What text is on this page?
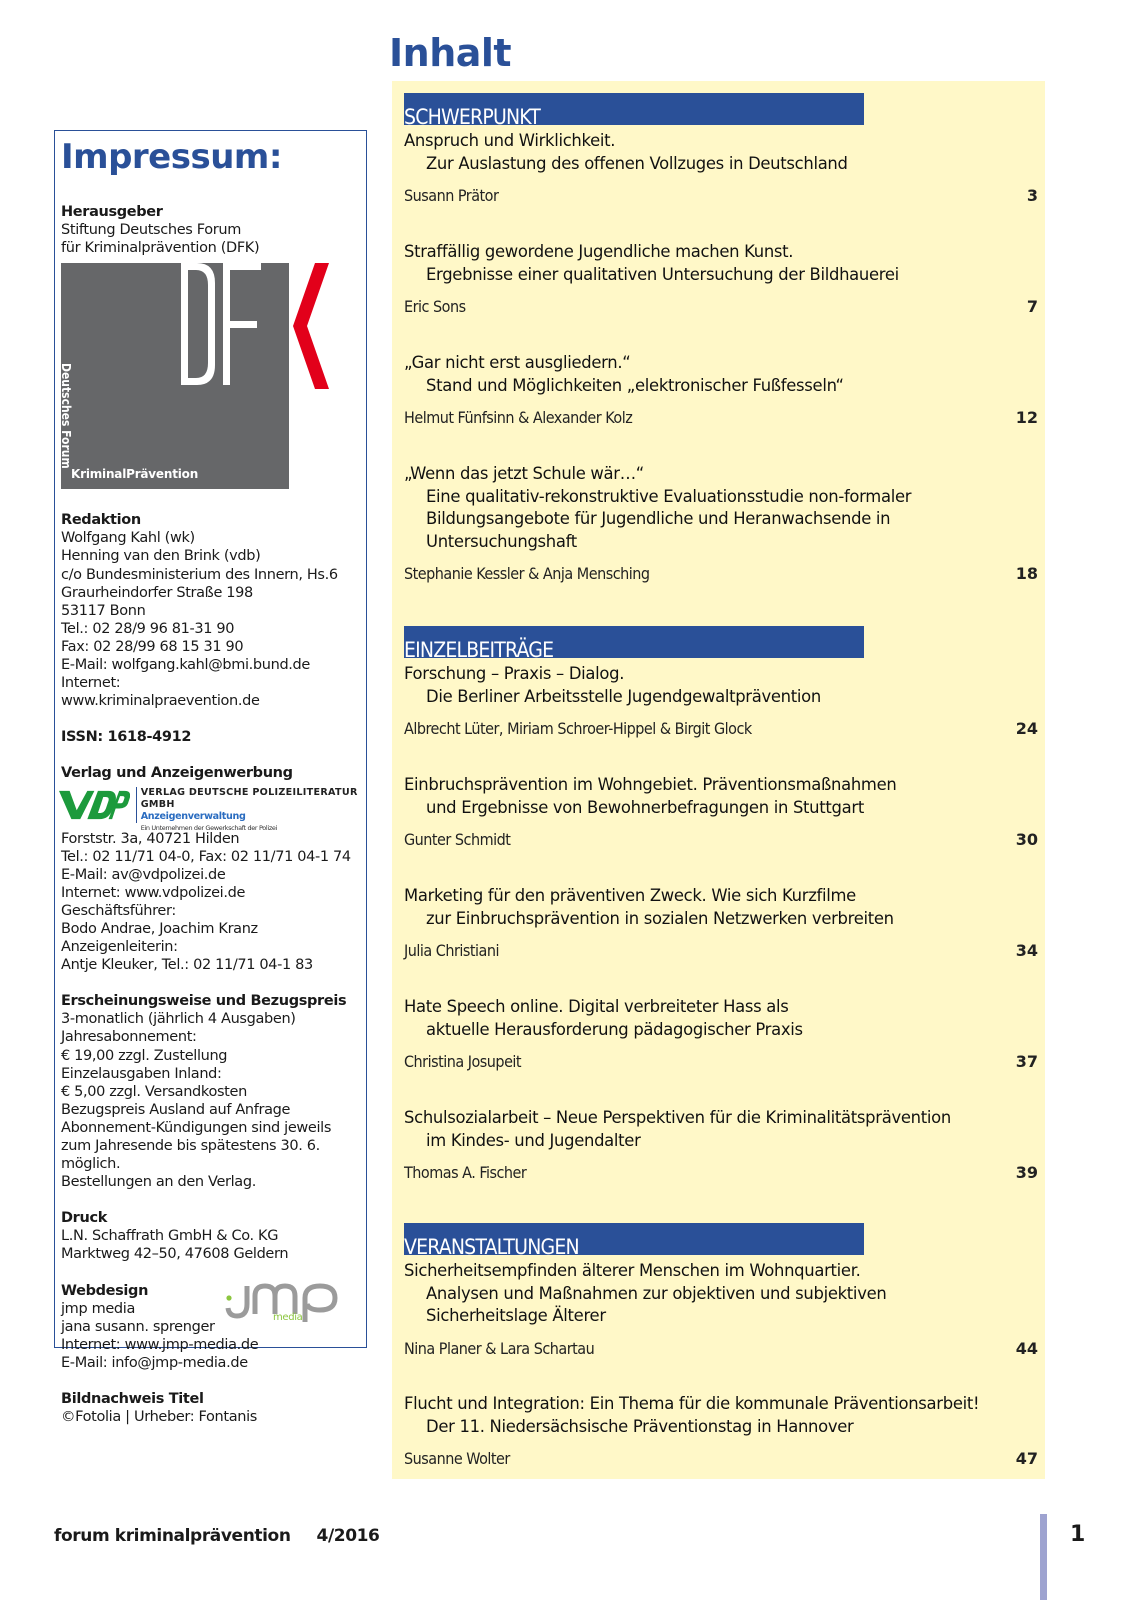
Impressum:
Herausgeber
Stiftung Deutsches Forum
für Kriminalprävention (DFK)
Deutsches Forum
KriminalPrävention
Redaktion
Wolfgang Kahl (wk)
Henning van den Brink (vdb)
c/o Bundesministerium des Innern, Hs.6
Graurheindorfer Straße 198
53117 Bonn
Tel.: 02 28/9 96 81-31 90
Fax: 02 28/99 68 15 31 90
E-Mail: wolfgang.kahl@bmi.bund.de
Internet:
www.kriminalpraevention.de
ISSN: 1618-4912
Verlag und Anzeigenwerbung
VERLAG DEUTSCHE POLIZEILITERATUR GMBH
Anzeigenverwaltung
Ein Unternehmen der Gewerkschaft der Polizei
Forststr. 3a, 40721 Hilden
Tel.: 02 11/71 04-0, Fax: 02 11/71 04-1 74
E-Mail: av@vdpolizei.de
Internet: www.vdpolizei.de
Geschäftsführer:
Bodo Andrae, Joachim Kranz
Anzeigenleiterin:
Antje Kleuker, Tel.: 02 11/71 04-1 83
Erscheinungsweise und Bezugspreis
3-monatlich (jährlich 4 Ausgaben)
Jahresabonnement:
€ 19,00 zzgl. Zustellung
Einzelausgaben Inland:
€ 5,00 zzgl. Versandkosten
Bezugspreis Ausland auf Anfrage
Abonnement-Kündigungen sind jeweils
zum Jahresende bis spätestens 30. 6.
möglich.
Bestellungen an den Verlag.
Druck
L.N. Schaffrath GmbH & Co. KG
Marktweg 42–50, 47608 Geldern
Webdesign
media
jmp media
jana susann. sprenger
Internet: www.jmp-media.de
E-Mail: info@jmp-media.de
Bildnachweis Titel
©Fotolia | Urheber: Fontanis
Inhalt
SCHWERPUNKT
Anspruch und Wirklichkeit.
Zur Auslastung des offenen Vollzuges in Deutschland
Susann Prätor	3
Straffällig gewordene Jugendliche machen Kunst.
Ergebnisse einer qualitativen Untersuchung der Bildhauerei
Eric Sons	7
„Gar nicht erst ausgliedern.“
Stand und Möglichkeiten „elektronischer Fußfesseln“
Helmut Fünfsinn & Alexander Kolz	12
„Wenn das jetzt Schule wär…“
Eine qualitativ-rekonstruktive Evaluationsstudie non-formaler
Bildungsangebote für Jugendliche und Heranwachsende in
Untersuchungshaft
Stephanie Kessler & Anja Mensching	18
EINZELBEITRÄGE
Forschung – Praxis – Dialog.
Die Berliner Arbeitsstelle Jugendgewaltprävention
Albrecht Lüter, Miriam Schroer-Hippel & Birgit Glock	24
Einbruchsprävention im Wohngebiet. Präventionsmaßnahmen
und Ergebnisse von Bewohnerbefragungen in Stuttgart
Gunter Schmidt	30
Marketing für den präventiven Zweck. Wie sich Kurzfilme
zur Einbruchsprävention in sozialen Netzwerken verbreiten
Julia Christiani	34
Hate Speech online. Digital verbreiteter Hass als
aktuelle Herausforderung pädagogischer Praxis
Christina Josupeit	37
Schulsozialarbeit – Neue Perspektiven für die Kriminalitätsprävention
im Kindes- und Jugendalter
Thomas A. Fischer	39
VERANSTALTUNGEN
Sicherheitsempfinden älterer Menschen im Wohnquartier.
Analysen und Maßnahmen zur objektiven und subjektiven
Sicherheitslage Älterer
Nina Planer & Lara Schartau	44
Flucht und Integration: Ein Thema für die kommunale Präventionsarbeit!
Der 11. Niedersächsische Präventionstag in Hannover
Susanne Wolter	47
forum kriminalprävention 4/2016	1
